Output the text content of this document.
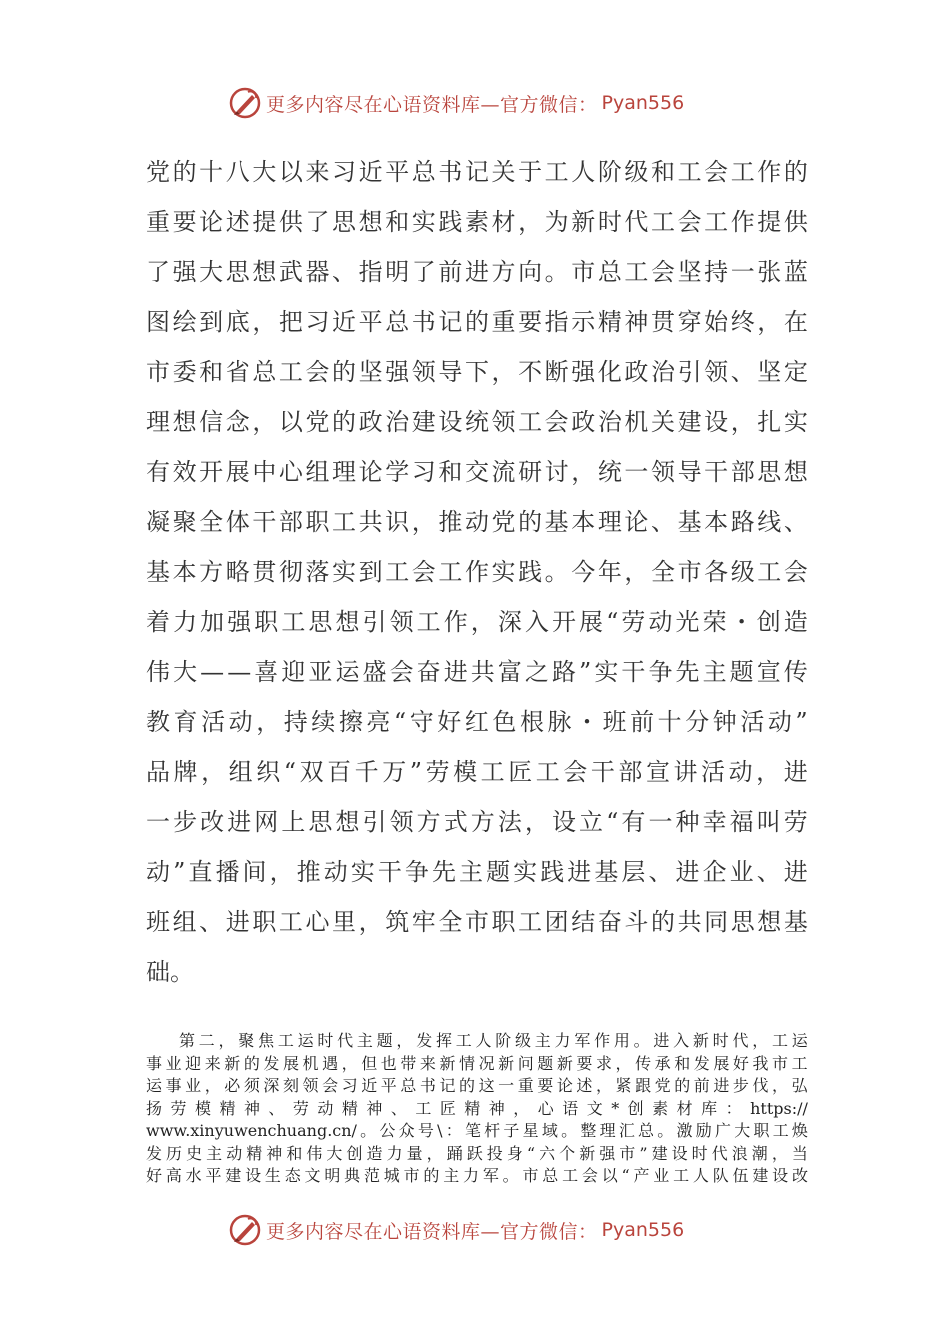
更多内容尽在心语资料库—官方微信： Pyan556
党 的 十 八 大 以 来 习 近 平 总 书 记 关 于 工 人 阶 级 和 工 会 工 作 的
重 要 论 述 提 供 了 思 想 和 实 践 素 材 ， 为 新 时 代 工 会 工 作 提 供
了 强 大 思 想 武 器 、 指 明 了 前 进 方 向 。 市 总 工 会 坚 持 一 张 蓝
图 绘 到 底 ， 把 习 近 平 总 书 记 的 重 要 指 示 精 神 贯 穿 始 终 ， 在
市 委 和 省 总 工 会 的 坚 强 领 导 下 ， 不 断 强 化 政 治 引 领 、 坚 定
理 想 信 念 ， 以 党 的 政 治 建 设 统 领 工 会 政 治 机 关 建 设 ， 扎 实
有 效 开 展 中 心 组 理 论 学 习 和 交 流 研 讨 ， 统 一 领 导 干 部 思 想
凝 聚 全 体 干 部 职 工 共 识 ， 推 动 党 的 基 本 理 论 、 基 本 路 线 、
基 本 方 略 贯 彻 落 实 到 工 会 工 作 实 践 。 今 年 ， 全 市 各 级 工 会
着 力 加 强 职 工 思 想 引 领 工 作 ， 深 入 开 展 “ 劳 动 光 荣 ・ 创 造
伟 大 — — 喜 迎 亚 运 盛 会 奋 进 共 富 之 路 ” 实 干 争 先 主 题 宣 传
教 育 活 动 ， 持 续 擦 亮 “ 守 好 红 色 根 脉 ・ 班 前 十 分 钟 活 动 ”
品 牌 ， 组 织 “ 双 百 千 万 ” 劳 模 工 匠 工 会 干 部 宣 讲 活 动 ， 进
一 步 改 进 网 上 思 想 引 领 方 式 方 法 ， 设 立 “ 有 一 种 幸 福 叫 劳
动 ” 直 播 间 ， 推 动 实 干 争 先 主 题 实 践 进 基 层 、 进 企 业 、 进
班 组 、 进 职 工 心 里 ， 筑 牢 全 市 职 工 团 结 奋 斗 的 共 同 思 想 基
础。
第 二 ， 聚 焦 工 运 时 代 主 题 ， 发 挥 工 人 阶 级 主 力 军 作 用 。 进 入 新 时 代 ， 工 运
事 业 迎 来 新 的 发 展 机 遇 ， 但 也 带 来 新 情 况 新 问 题 新 要 求 ， 传 承 和 发 展 好 我 市 工
运 事 业 ， 必 须 深 刻 领 会 习 近 平 总 书 记 的 这 一 重 要 论 述 ， 紧 跟 党 的 前 进 步 伐 ， 弘
扬 劳 模 精 神 、 劳 动 精 神 、 工 匠 精 神 ， 心 语 文 * 创 素 材 库 ： https://
www.xinyuwenchuang.cn/ 。 公 众 号 \ ： 笔 杆 子 星 域 。 整 理 汇 总 。 激 励 广 大 职 工 焕
发 历 史 主 动 精 神 和 伟 大 创 造 力 量 ， 踊 跃 投 身 “ 六 个 新 强 市 ” 建 设 时 代 浪 潮 ， 当
好 高 水 平 建 设 生 态 文 明 典 范 城 市 的 主 力 军 。 市 总 工 会 以 “ 产 业 工 人 队 伍 建 设 改
更多内容尽在心语资料库—官方微信： Pyan556
